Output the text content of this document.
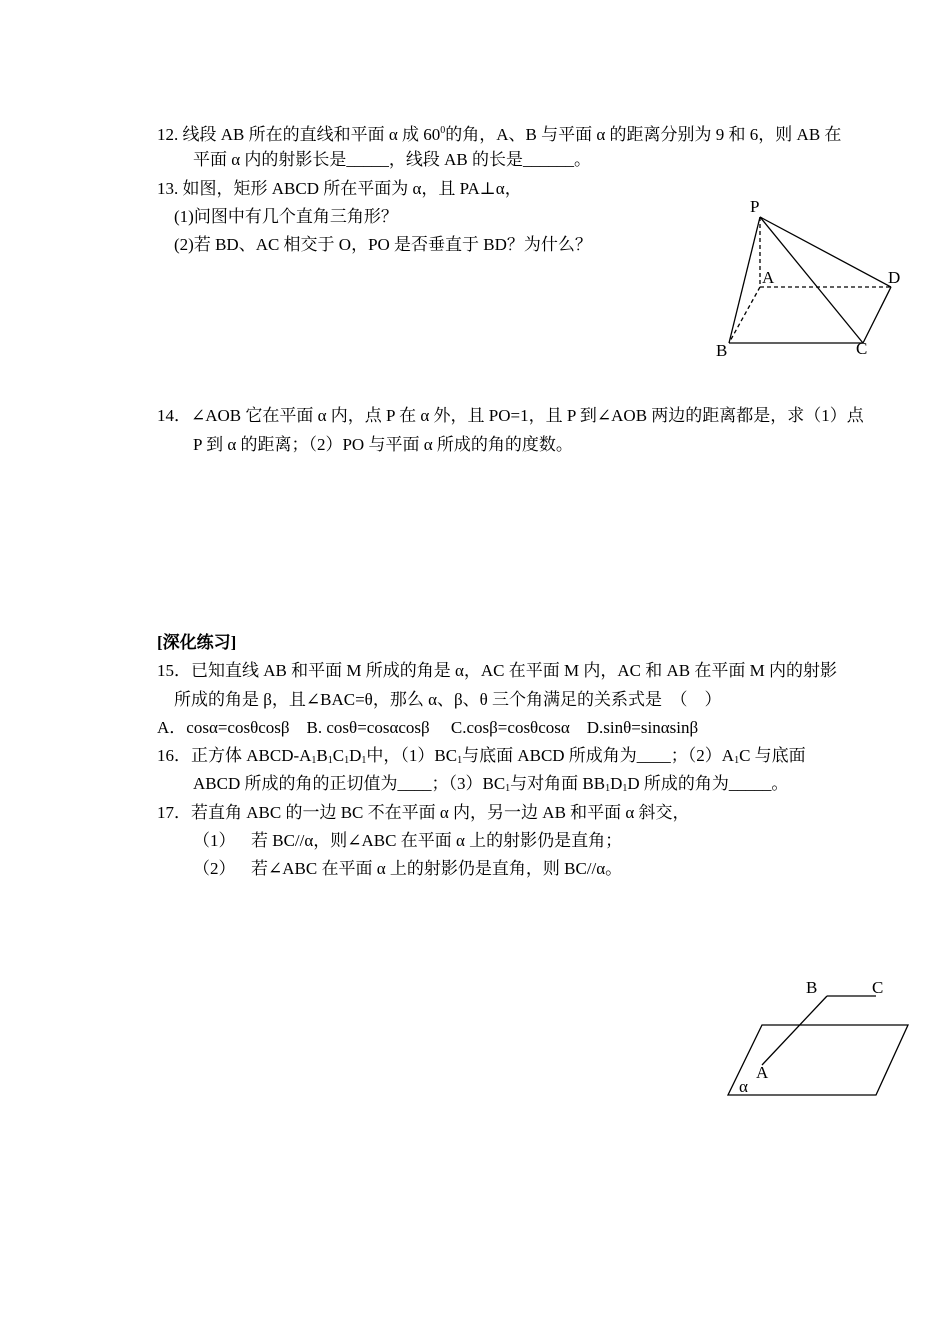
12. 线段 AB 所在的直线和平面 α 成 $60^0$的角，A、B 与平面 α 的距离分别为 9 和 6，则 AB 在
平面 α 内的射影长是_____，线段 AB 的长是______。
13. 如图，矩形 ABCD 所在平面为 α，且 PA⊥α，
(1)问图中有几个直角三角形？
(2)若 BD、AC 相交于 O，PO 是否垂直于 BD？为什么？
P
A	D
B	C
14．∠AOB 它在平面 α 内，点 P 在 α 外，且 PO=1，且 P 到∠AOB 两边的距离都是，求（1）点
P 到 α 的距离；（2）PO 与平面 α 所成的角的度数。
[深化练习]
15．已知直线 AB 和平面 M 所成的角是 α，AC 在平面 M 内，AC 和 AB 在平面 M 内的射影
所成的角是 β，且∠BAC=θ，那么 α、β、θ 三个角满足的关系式是　（　）
A．cosα=cosθcosβ　B. cosθ=cosαcosβ　 C.cosβ=cosθcosα　D.sinθ=sinαsinβ
16．正方体 ABCD-$A_1B_1C_1D_1$中，$(1)BC_1$与底面 ABCD 所成角为____；$(2)A_1C$ 与底面
ABCD 所成的角的正切值为____；$(3)BC_1$与对角面 $BB_1D_1D$ 所成的角为_____。
17．若直角 ABC 的一边 BC 不在平面 α 内，另一边 AB 和平面 α 斜交，
（1） 若 BC//α，则∠ABC 在平面 α 上的射影仍是直角；
（2） 若∠ABC 在平面 α 上的射影仍是直角，则 BC//α。
B	C
A
α
